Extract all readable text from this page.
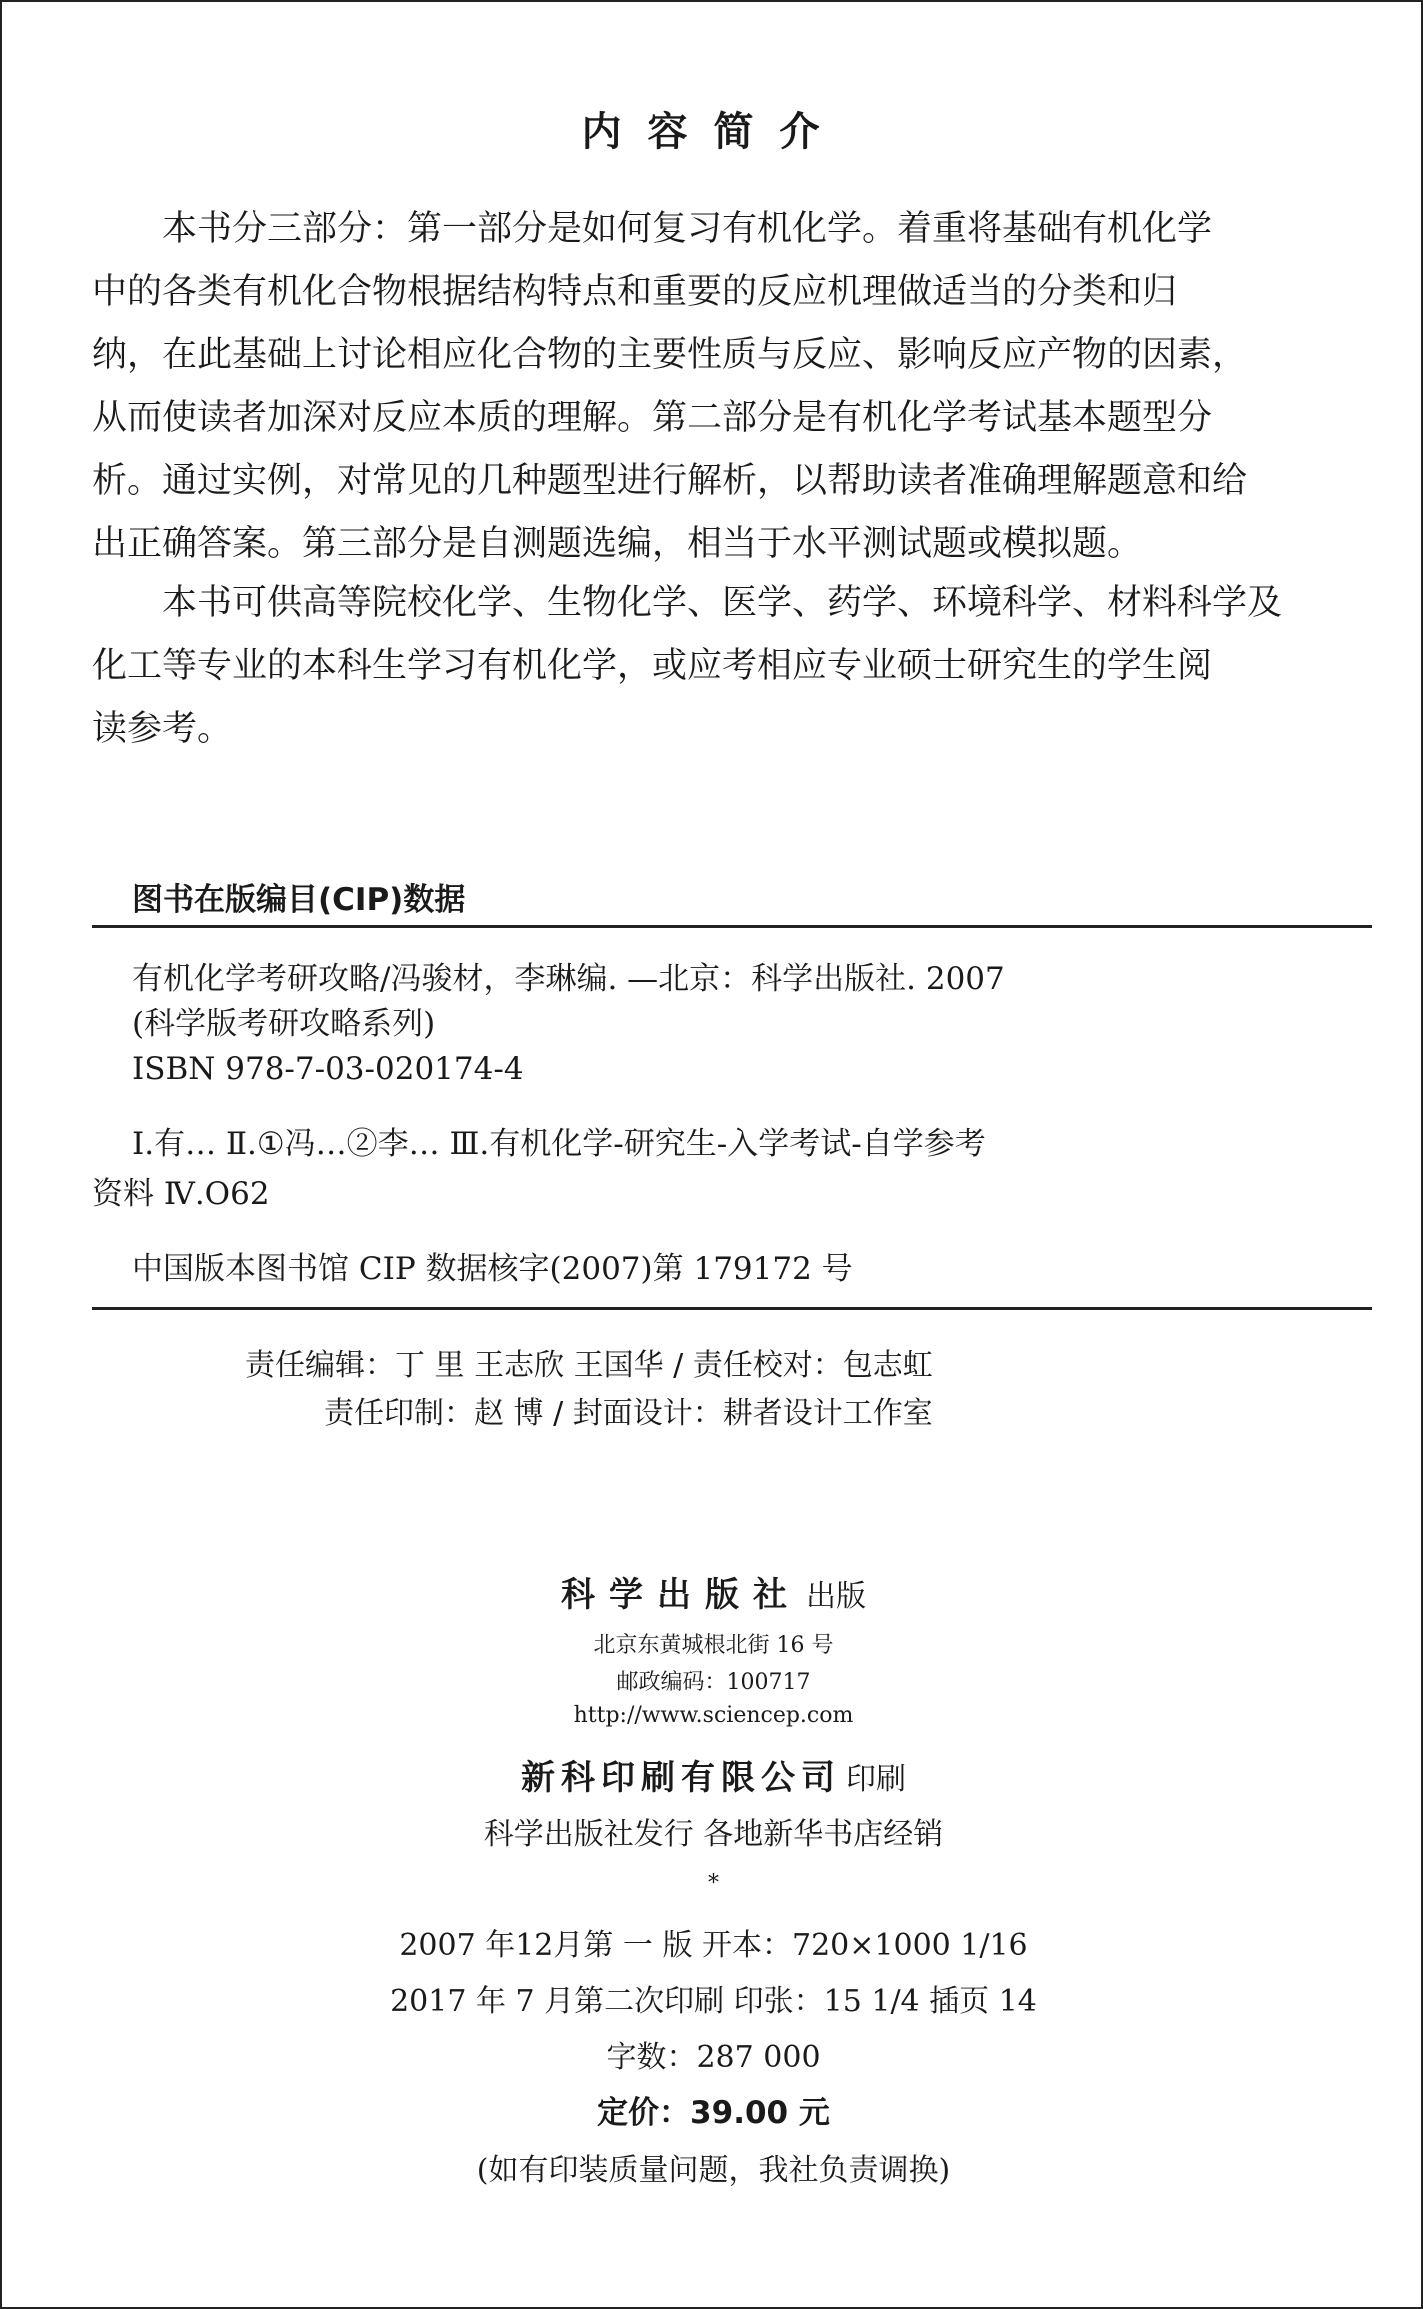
内容简介

本书分三部分：第一部分是如何复习有机化学。着重将基础有机化学

中的各类有机化合物根据结构特点和重要的反应机理做适当的分类和归

纳，在此基础上讨论相应化合物的主要性质与反应、影响反应产物的因素，

从而使读者加深对反应本质的理解。第二部分是有机化学考试基本题型分

析。通过实例，对常见的几种题型进行解析，以帮助读者准确理解题意和给

出正确答案。第三部分是自测题选编，相当于水平测试题或模拟题。

本书可供高等院校化学、生物化学、医学、药学、环境科学、材料科学及

化工等专业的本科生学习有机化学，或应考相应专业硕士研究生的学生阅

读参考。

图书在版编目(CIP)数据

有机化学考研攻略/冯骏材，李琳编. —北京：科学出版社. 2007

(科学版考研攻略系列)

ISBN 978-7-03-020174-4

Ⅰ.有… Ⅱ.①冯…②李… Ⅲ.有机化学-研究生-入学考试-自学参考

资料 Ⅳ.O62

中国版本图书馆 CIP 数据核字(2007)第 179172 号

责任编辑：丁 里 王志欣 王国华 / 责任校对：包志虹
责任印制：赵 博 / 封面设计：耕者设计工作室
科学出版社 出版
北京东黄城根北街 16 号
邮政编码：100717
http://www.sciencep.com
新科印刷有限公司 印刷
科学出版社发行 各地新华书店经销
*
2007 年12月第 一 版 开本：720×1000 1/16
2017 年 7 月第二次印刷 印张：15 1/4 插页 14
字数：287 000
定价：39.00 元
(如有印装质量问题，我社负责调换)
